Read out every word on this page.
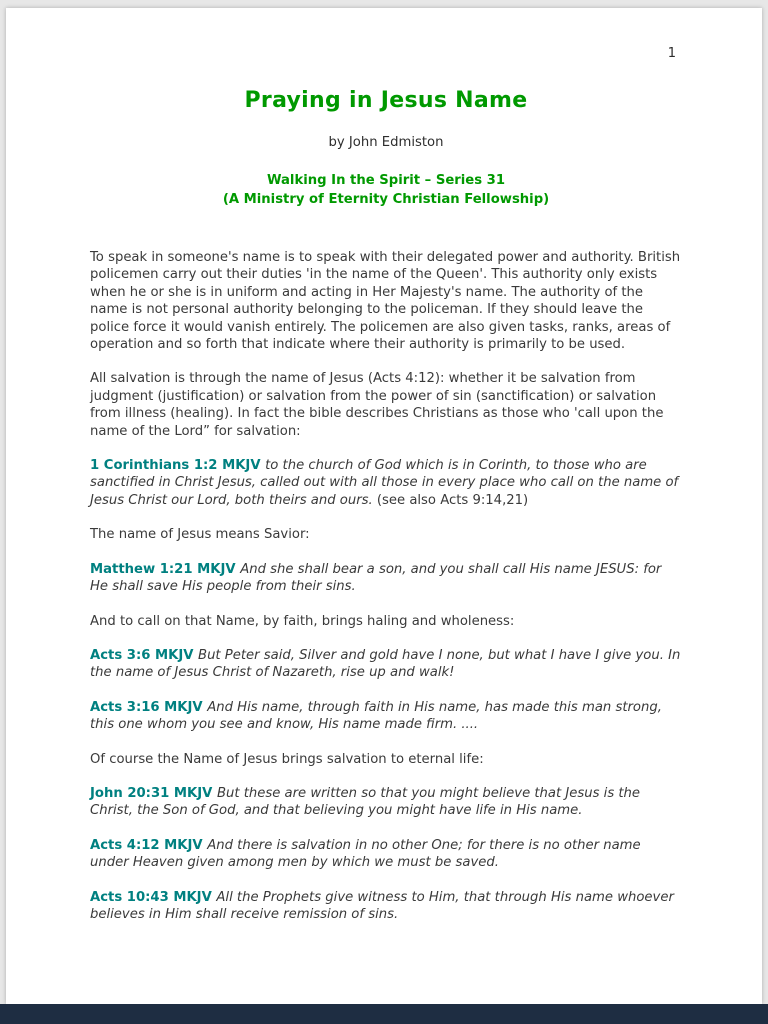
1
Praying in Jesus Name
by John Edmiston
Walking In the Spirit – Series 31
(A Ministry of Eternity Christian Fellowship)

To speak in someone's name is to speak with their delegated power and authority. British policemen carry out their duties 'in the name of the Queen'. This authority only exists when he or she is in uniform and acting in Her Majesty's name. The authority of the name is not personal authority belonging to the policeman. If they should leave the police force it would vanish entirely. The policemen are also given tasks, ranks, areas of operation and so forth that indicate where their authority is primarily to be used.

All salvation is through the name of Jesus (Acts 4:12): whether it be salvation from judgment (justification) or salvation from the power of sin (sanctification) or salvation from illness (healing). In fact the bible describes Christians as those who 'call upon the name of the Lord” for salvation:

1 Corinthians 1:2 MKJV to the church of God which is in Corinth, to those who are sanctified in Christ Jesus, called out with all those in every place who call on the name of Jesus Christ our Lord, both theirs and ours. (see also Acts 9:14,21)

The name of Jesus means Savior:

Matthew 1:21 MKJV And she shall bear a son, and you shall call His name JESUS: for He shall save His people from their sins.

And to call on that Name, by faith, brings haling and wholeness:

Acts 3:6 MKJV But Peter said, Silver and gold have I none, but what I have I give you. In the name of Jesus Christ of Nazareth, rise up and walk!

Acts 3:16 MKJV And His name, through faith in His name, has made this man strong, this one whom you see and know, His name made firm. ....

Of course the Name of Jesus brings salvation to eternal life:

John 20:31 MKJV But these are written so that you might believe that Jesus is the Christ, the Son of God, and that believing you might have life in His name.

Acts 4:12 MKJV And there is salvation in no other One; for there is no other name under Heaven given among men by which we must be saved.

Acts 10:43 MKJV All the Prophets give witness to Him, that through His name whoever believes in Him shall receive remission of sins.
